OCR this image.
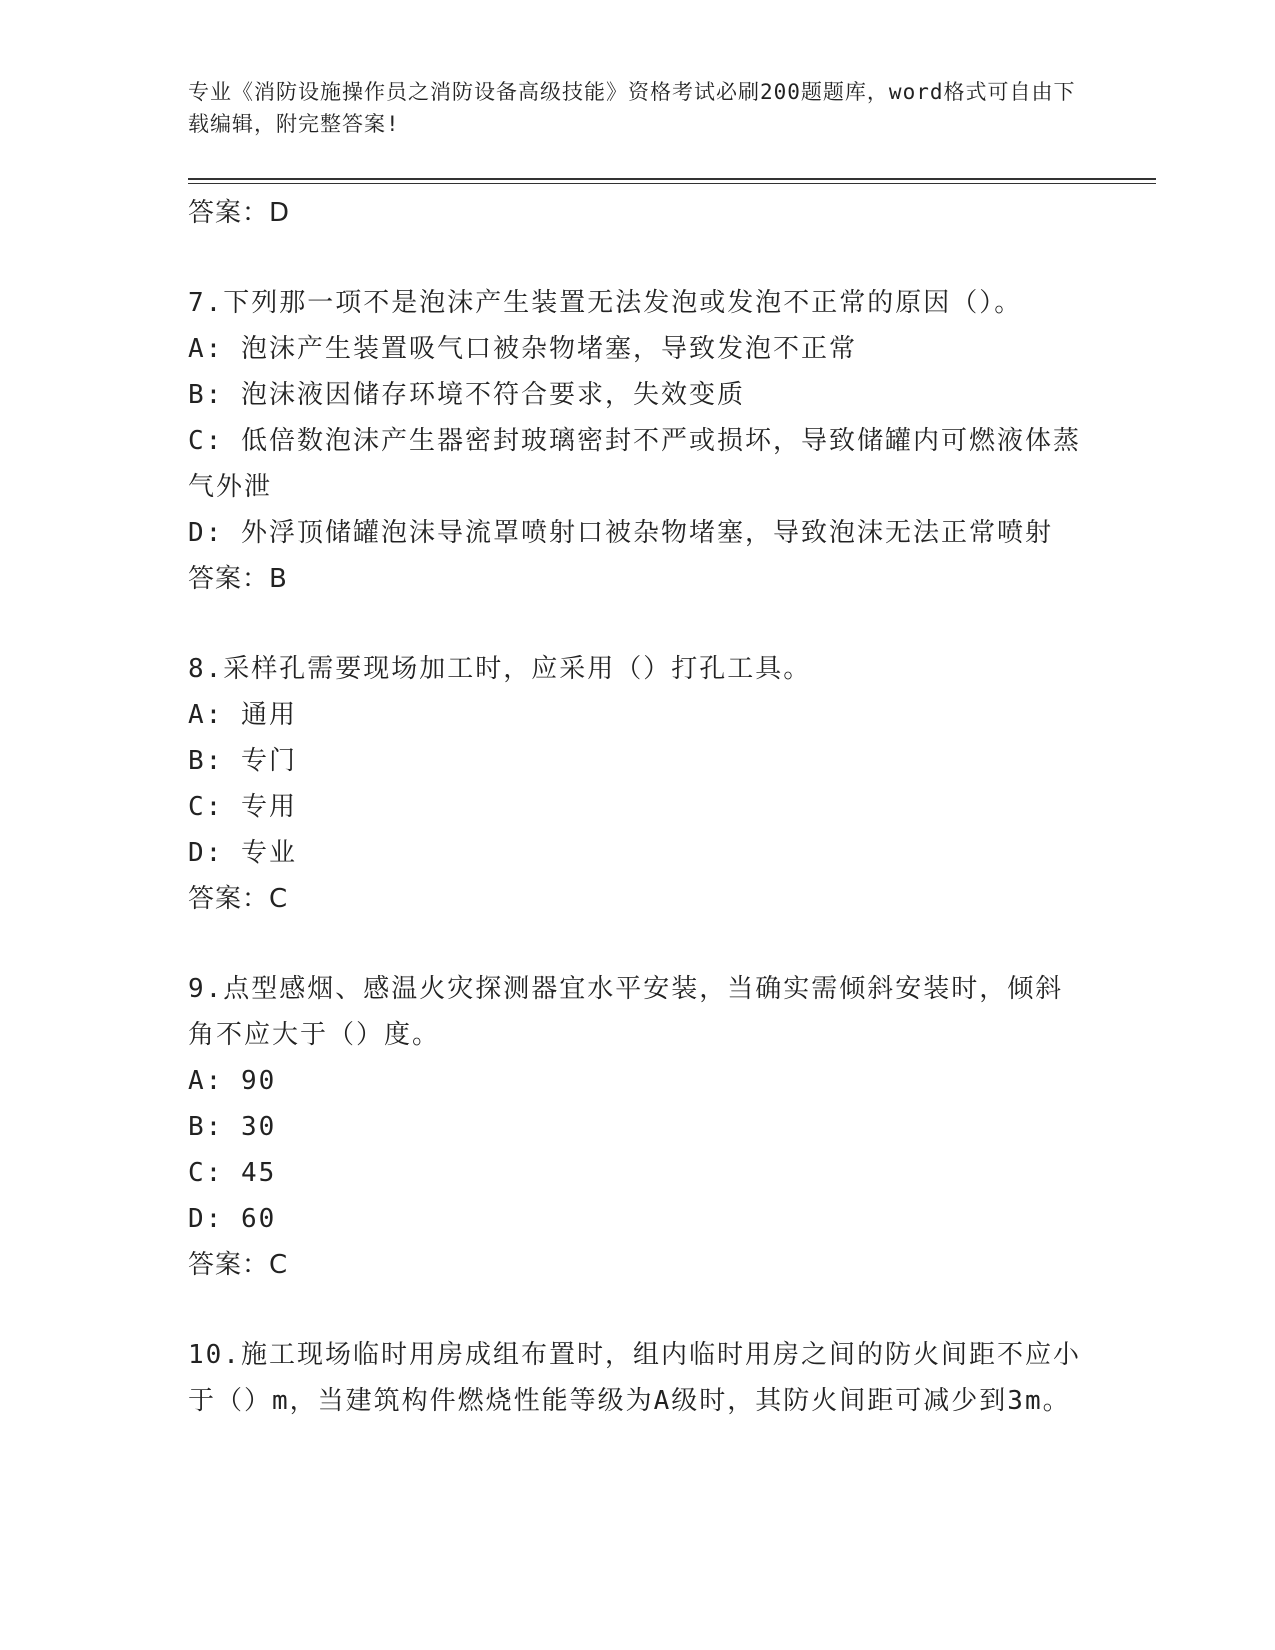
专业《消防设施操作员之消防设备高级技能》资格考试必刷200题题库，word格式可自由下载编辑，附完整答案!
答案：D
7.下列那一项不是泡沫产生装置无法发泡或发泡不正常的原因（）。
A: 泡沫产生装置吸气口被杂物堵塞，导致发泡不正常
B: 泡沫液因储存环境不符合要求，失效变质
C: 低倍数泡沫产生器密封玻璃密封不严或损坏，导致储罐内可燃液体蒸气外泄
D: 外浮顶储罐泡沫导流罩喷射口被杂物堵塞，导致泡沫无法正常喷射
答案：B
8.采样孔需要现场加工时，应采用（）打孔工具。
A: 通用
B: 专门
C: 专用
D: 专业
答案：C
9.点型感烟、感温火灾探测器宜水平安装，当确实需倾斜安装时，倾斜角不应大于（）度。
A: 90
B: 30
C: 45
D: 60
答案：C
10.施工现场临时用房成组布置时，组内临时用房之间的防火间距不应小于（）m，当建筑构件燃烧性能等级为A级时，其防火间距可减少到3m。
